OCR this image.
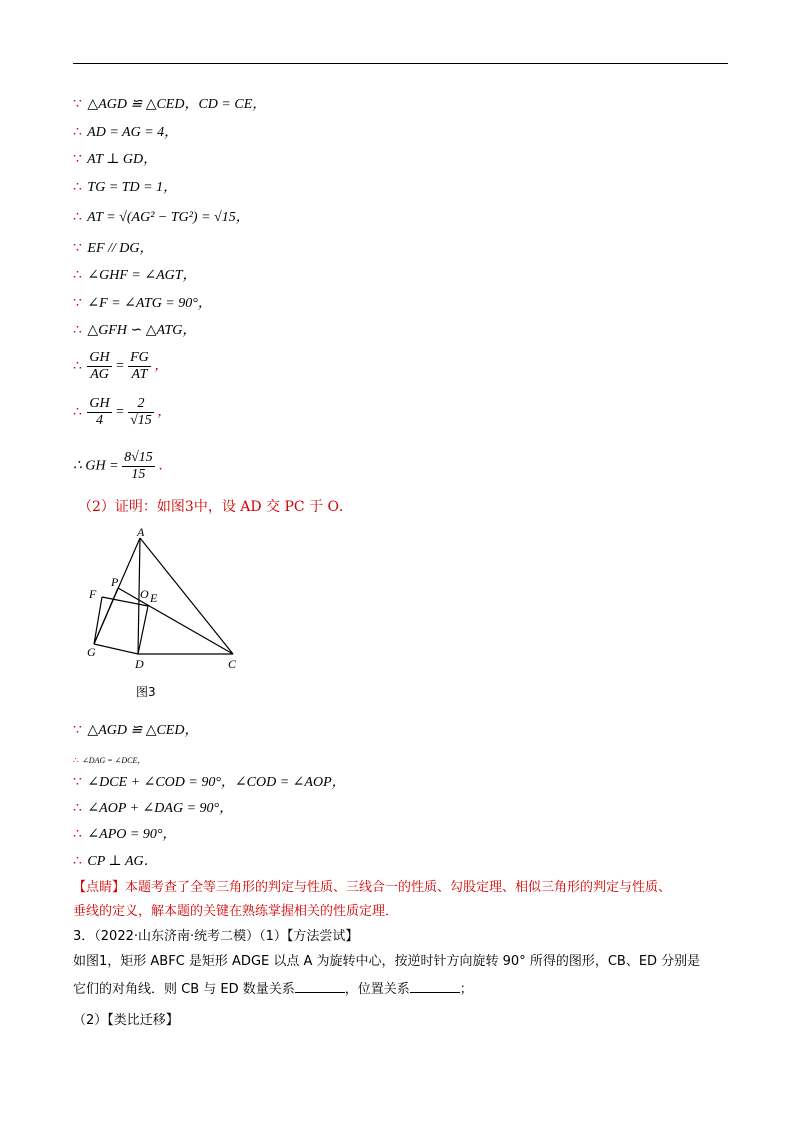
∵ △AGD ≌ △CED，CD = CE，
∴ AD = AG = 4，
∵ AT ⊥ GD，
∴ TG = TD = 1，
∴ AT = √(AG² − TG²) = √15，
∵ EF // DG，
∴ ∠GHF = ∠AGT，
∵ ∠F = ∠ATG = 90°，
∴ △GFH ∽ △ATG，
∴ $\frac{GH}{AG} = \frac{FG}{AT}$ ，
∴ $\frac{GH}{4} = \frac{2}{√15}$ ，
∴ GH = $\frac{8√15}{15}$ ．
（2）证明：如图3中，设 AD 交 PC 于 O．
A
P
F	O E
G
D	C
图3
∵ △AGD ≌ △CED，
∴ ∠DAG = ∠DCE，
∵ ∠DCE + ∠COD = 90°，∠COD = ∠AOP，
∴ ∠AOP + ∠DAG = 90°，
∴ ∠APO = 90°，
∴ CP ⊥ AG．
【点睛】本题考查了全等三角形的判定与性质、三线合一的性质、勾股定理、相似三角形的判定与性质、
垂线的定义，解本题的关键在熟练掌握相关的性质定理．
3．（2022·山东济南·统考二模）（1）【方法尝试】
如图1，矩形 ABFC 是矩形 ADGE 以点 A 为旋转中心，按逆时针方向旋转 90° 所得的图形，CB、ED 分别是
它们的对角线．则 CB 与 ED 数量关系	，位置关系	；
（2）【类比迁移】
